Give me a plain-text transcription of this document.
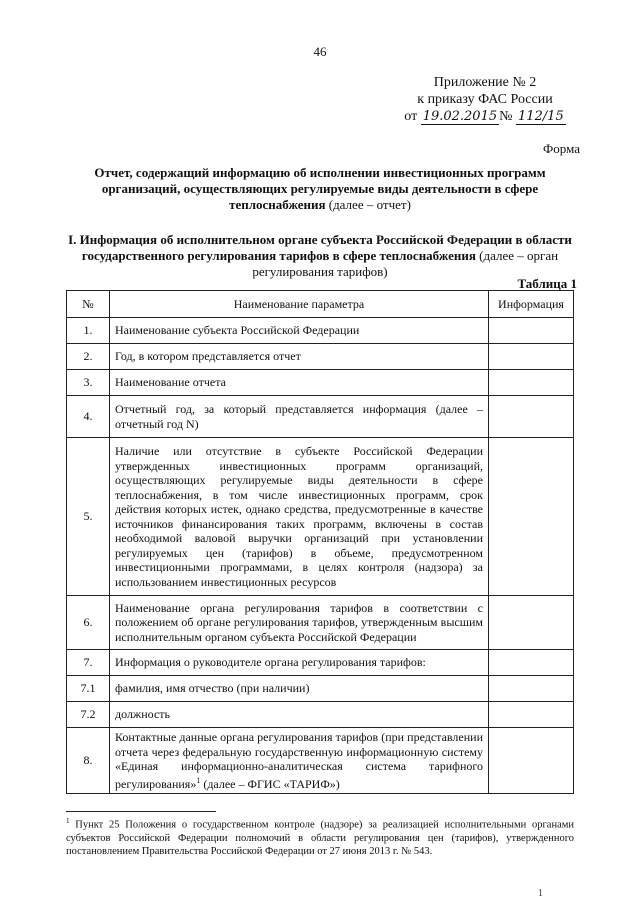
46
Приложение № 2
к приказу ФАС России
от 19.02.2015 № 112/15
Форма
Отчет, содержащий информацию об исполнении инвестиционных программ организаций, осуществляющих регулируемые виды деятельности в сфере теплоснабжения (далее – отчет)
I. Информация об исполнительном органе субъекта Российской Федерации в области государственного регулирования тарифов в сфере теплоснабжения (далее – орган регулирования тарифов)
Таблица 1
№	Наименование параметра	Информация
1.	Наименование субъекта Российской Федерации	
2.	Год, в котором представляется отчет	
3.	Наименование отчета	
4.	Отчетный год, за который представляется информация (далее – отчетный год N)	
5.	Наличие или отсутствие в субъекте Российской Федерации утвержденных инвестиционных программ организаций, осуществляющих регулируемые виды деятельности в сфере теплоснабжения, в том числе инвестиционных программ, срок действия которых истек, однако средства, предусмотренные в качестве источников финансирования таких программ, включены в состав необходимой валовой выручки организаций при установлении регулируемых цен (тарифов) в объеме, предусмотренном инвестиционными программами, в целях контроля (надзора) за использованием инвестиционных ресурсов	
6.	Наименование органа регулирования тарифов в соответствии с положением об органе регулирования тарифов, утвержденным высшим исполнительным органом субъекта Российской Федерации	
7.	Информация о руководителе органа регулирования тарифов:	
7.1	фамилия, имя отчество (при наличии)	
7.2	должность	
8.	Контактные данные органа регулирования тарифов (при представлении отчета через федеральную государственную информационную систему «Единая информационно-аналитическая система тарифного регулирования»$^1$ (далее – ФГИС «ТАРИФ»)	
$^1$ Пункт 25 Положения о государственном контроле (надзоре) за реализацией исполнительными органами субъектов Российской Федерации полномочий в области регулирования цен (тарифов), утвержденного постановлением Правительства Российской Федерации от 27 июня 2013 г. № 543.
1
